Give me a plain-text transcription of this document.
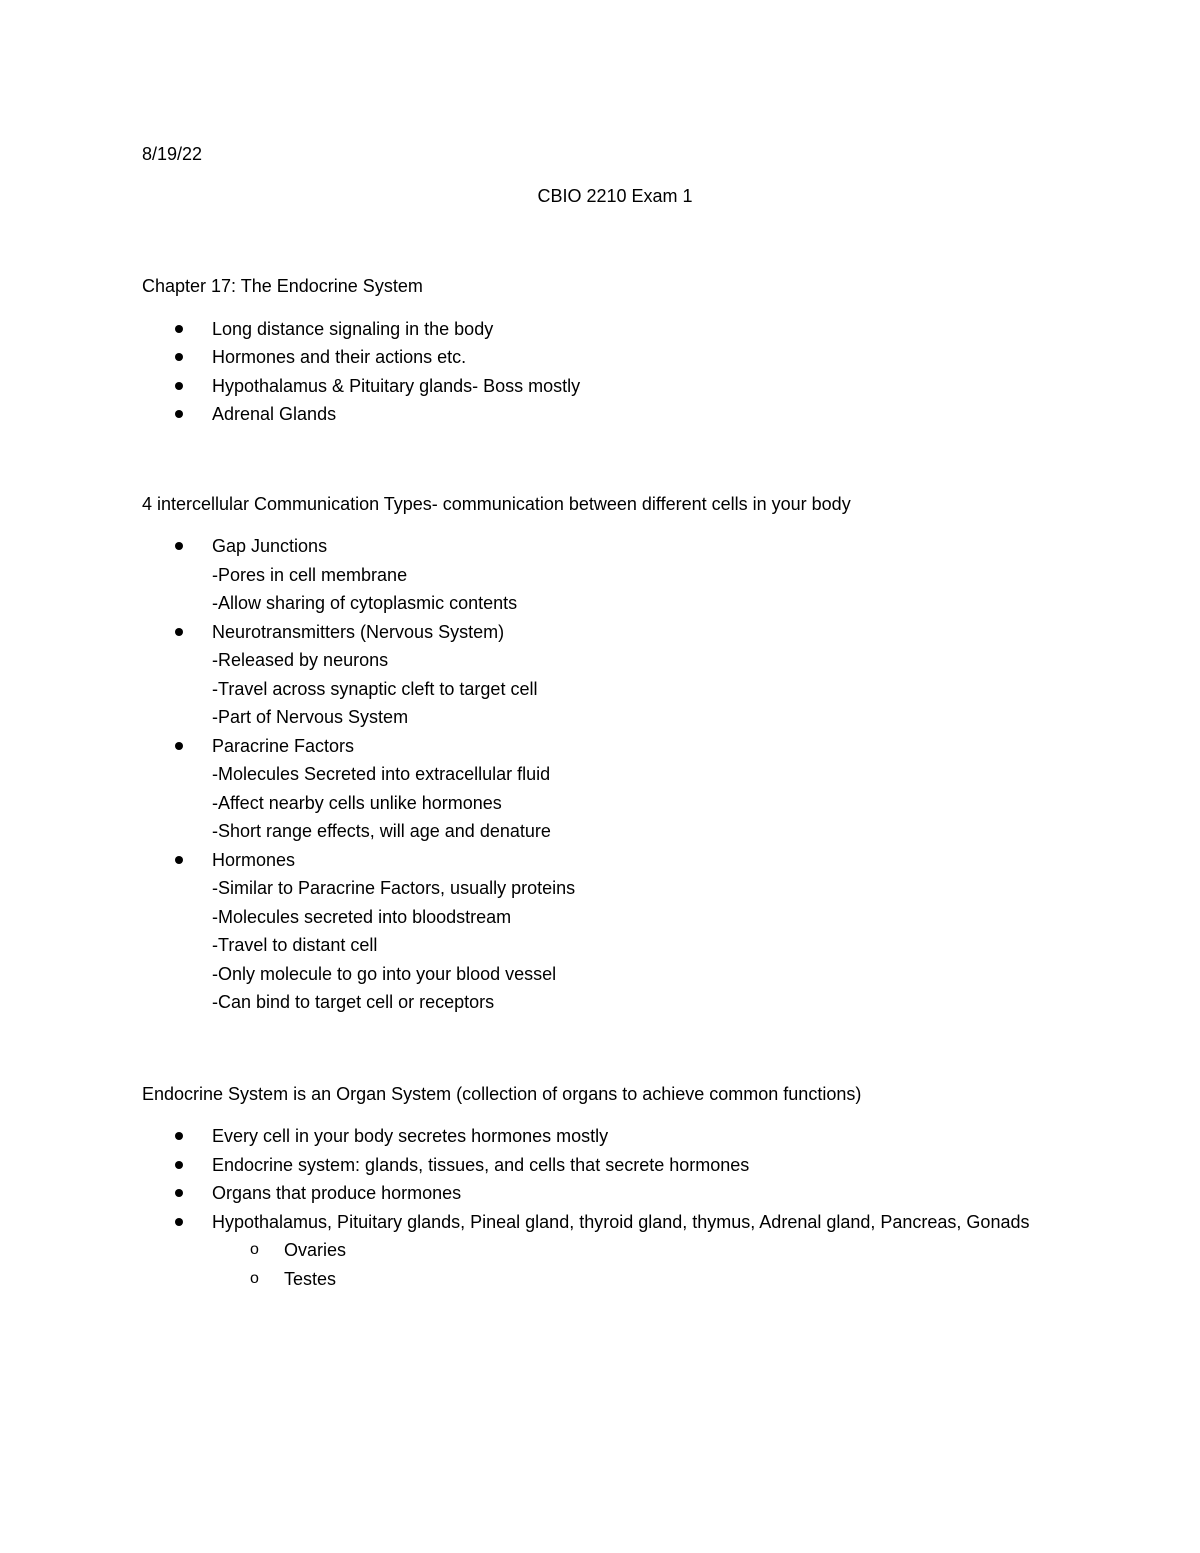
8/19/22
CBIO 2210 Exam 1
Chapter 17: The Endocrine System
Long distance signaling in the body
Hormones and their actions etc.
Hypothalamus & Pituitary glands- Boss mostly
Adrenal Glands
4 intercellular Communication Types- communication between different cells in your body
Gap Junctions
-Pores in cell membrane
-Allow sharing of cytoplasmic contents
Neurotransmitters (Nervous System)
-Released by neurons
-Travel across synaptic cleft to target cell
-Part of Nervous System
Paracrine Factors
-Molecules Secreted into extracellular fluid
-Affect nearby cells unlike hormones
-Short range effects, will age and denature
Hormones
-Similar to Paracrine Factors, usually proteins
-Molecules secreted into bloodstream
-Travel to distant cell
-Only molecule to go into your blood vessel
-Can bind to target cell or receptors
Endocrine System is an Organ System (collection of organs to achieve common functions)
Every cell in your body secretes hormones mostly
Endocrine system: glands, tissues, and cells that secrete hormones
Organs that produce hormones
Hypothalamus, Pituitary glands, Pineal gland, thyroid gland, thymus, Adrenal gland, Pancreas, Gonads
o Ovaries
o Testes
